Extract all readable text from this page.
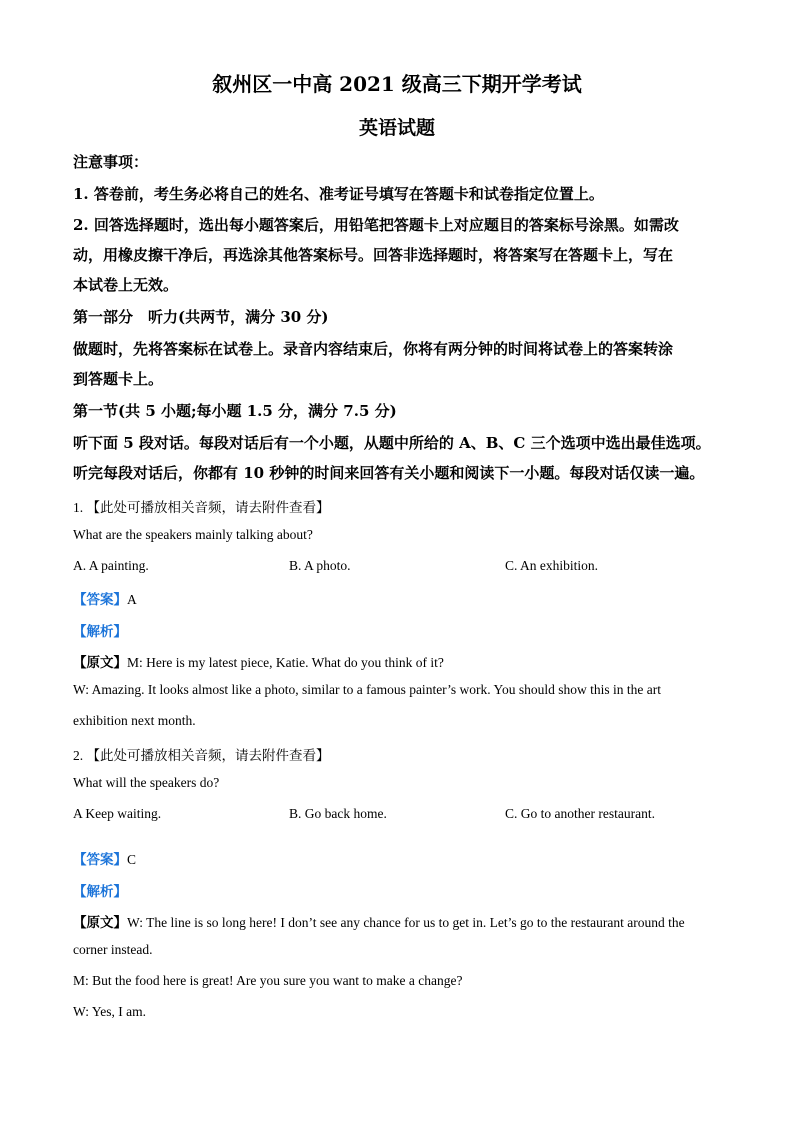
叙州区一中高 2021 级高三下期开学考试
英语试题
注意事项：
1. 答卷前，考生务必将自己的姓名、准考证号填写在答题卡和试卷指定位置上。
2. 回答选择题时，选出每小题答案后，用铅笔把答题卡上对应题目的答案标号涂黑。如需改
动，用橡皮擦干净后，再选涂其他答案标号。回答非选择题时，将答案写在答题卡上，写在
本试卷上无效。
第一部分　听力(共两节，满分 30 分)
做题时，先将答案标在试卷上。录音内容结束后，你将有两分钟的时间将试卷上的答案转涂
到答题卡上。
第一节(共 5 小题;每小题 1.5 分，满分 7.5 分)
听下面 5 段对话。每段对话后有一个小题，从题中所给的 A、B、C 三个选项中选出最佳选项。
听完每段对话后，你都有 10 秒钟的时间来回答有关小题和阅读下一小题。每段对话仅读一遍。
1. 【此处可播放相关音频，请去附件查看】
What are the speakers mainly talking about?
A. A painting.	B. A photo.	C. An exhibition.
【答案】A
【解析】
【原文】M: Here is my latest piece, Katie. What do you think of it?
W: Amazing. It looks almost like a photo, similar to a famous painter’s work. You should show this in the art
exhibition next month.
2. 【此处可播放相关音频，请去附件查看】
What will the speakers do?
A Keep waiting.	B. Go back home.	C. Go to another restaurant.
【答案】C
【解析】
【原文】W: The line is so long here! I don’t see any chance for us to get in. Let’s go to the restaurant around the
corner instead.
M: But the food here is great! Are you sure you want to make a change?
W: Yes, I am.
